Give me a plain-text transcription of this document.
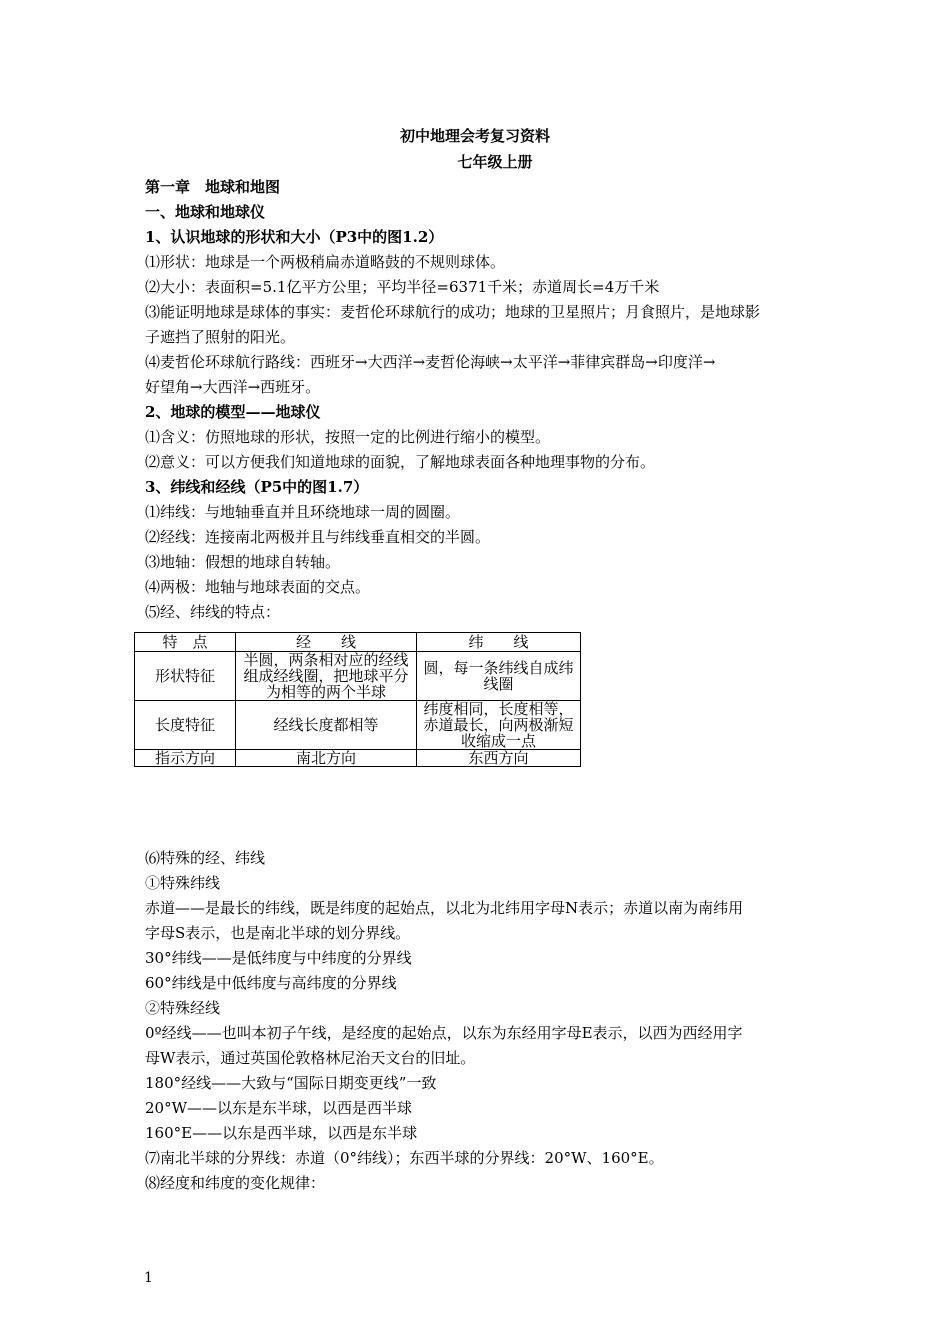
初中地理会考复习资料
七年级上册
第一章　地球和地图
一、地球和地球仪
1、认识地球的形状和大小（P3中的图1.2）
⑴形状：地球是一个两极稍扁赤道略鼓的不规则球体。
⑵大小：表面积=5.1亿平方公里；平均半径=6371千米；赤道周长=4万千米
⑶能证明地球是球体的事实：麦哲伦环球航行的成功；地球的卫星照片；月食照片，是地球影
子遮挡了照射的阳光。
⑷麦哲伦环球航行路线：西班牙→大西洋→麦哲伦海峡→太平洋→菲律宾群岛→印度洋→
好望角→大西洋→西班牙。
2、地球的模型——地球仪
⑴含义：仿照地球的形状，按照一定的比例进行缩小的模型。
⑵意义：可以方便我们知道地球的面貌，了解地球表面各种地理事物的分布。
3、纬线和经线（P5中的图1.7）
⑴纬线：与地轴垂直并且环绕地球一周的圆圈。
⑵经线：连接南北两极并且与纬线垂直相交的半圆。
⑶地轴：假想的地球自转轴。
⑷两极：地轴与地球表面的交点。
⑸经、纬线的特点：
特　点	经　　线	纬　　线
形状特征	半圆，两条相对应的经线组成经线圈，把地球平分为相等的两个半球	圆，每一条纬线自成纬线圈
长度特征	经线长度都相等	纬度相同，长度相等，赤道最长，向两极渐短收缩成一点
指示方向	南北方向	东西方向
⑹特殊的经、纬线
①特殊纬线
赤道——是最长的纬线，既是纬度的起始点，以北为北纬用字母N表示；赤道以南为南纬用
字母S表示，也是南北半球的划分界线。
30°纬线——是低纬度与中纬度的分界线
60°纬线是中低纬度与高纬度的分界线
②特殊经线
0º经线——也叫本初子午线，是经度的起始点，以东为东经用字母E表示，以西为西经用字
母W表示，通过英国伦敦格林尼治天文台的旧址。
180°经线——大致与“国际日期变更线”一致
20°W——以东是东半球，以西是西半球
160°E——以东是西半球，以西是东半球
⑺南北半球的分界线：赤道（0°纬线）；东西半球的分界线：20°W、160°E。
⑻经度和纬度的变化规律：
1
